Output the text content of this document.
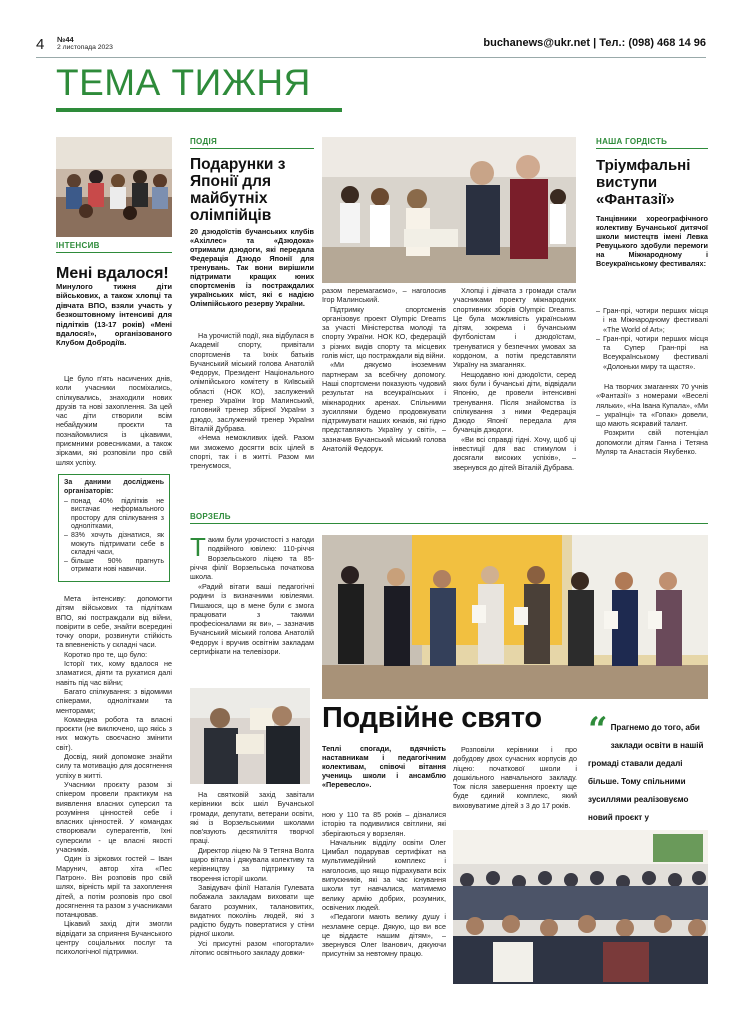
4 №44
2 листопада 2023	buchanews@ukr.net | Тел.: (098) 468 14 96
ТЕМА ТИЖНЯ
ІНТЕНСИВ
Мені вдалося!
Минулого тижня діти військових, а також хлопці та дівчата ВПО, взяли участь у безкоштовному інтенсиві для підлітків (13-17 років) «Мені вдалося!», організованого Клубом Добродіїв.

Це було п'ять насичених днів, коли учасники посміхались, спілкувались, знаходили нових друзів та нові захоплення. За цей час діти створили всім небайдужим проєкти та познайомилися із цікавими, приємними ровесниками, а також зірками, які розповіли про свій шлях успіху.

За даними досліджень організаторів:
– понад 40% підлітків не вистачає неформального простору для спілкування з однолітками,
– 83% хочуть дізнатися, як можуть підтримати себе в складні часи,
– більше 90% прагнуть отримати нові навички.

Мета інтенсиву: допомогти дітям військових та підліткам ВПО, які постраждали від війни, повірити в себе, знайти всередині точку опори, розвинути стійкість та впевненість у складні часи.

Коротко про те, що було:

Історії тих, кому вдалося не зламатися, діяти та рухатися далі навіть під час війни;

Багато спілкування: з відомими спікерами, однолітками та менторами;

Командна робота та власні проєкти (не виключено, що якісь з них можуть своєчасно змінити світ).

Досвід, який допоможе знайти силу та мотивацію для досягнення успіху в житті.

Учасники проєкту разом зі спікером провели практикум на виявлення власних суперсил та розуміння цінностей себе і власних цінностей. У командах створювали суперагентів, їхні суперсили - це власні якості учасників.

Один із зіркових гостей – Іван Марунич, автор хіта «Пес Патрон». Він розповів про свій шлях, вірність мрії та захоплення дітей, а потім розповів про свої досягнення та разом з учасниками потанцював.

Цікавий захід діти змогли відвідати за сприяння Бучанського центру соціальних послуг та психологічної підтримки.

ПОДІЯ
Подарунки з Японії для майбутніх олімпійців
20 дзюдоїстів бучанських клубів «Ахіллес» та «Дзюдока» отримали дзюдоги, які передала Федерація Дзюдо Японії для тренувань. Так вони вирішили підтримати кращих юних спортсменів із постраждалих українських міст, які є надією Олімпійського резерву України.

На урочистій події, яка відбулася в Академії спорту, привітали спортсменів та їхніх батьків Бучанський міський голова Анатолій Федорук, Президент Національного олімпійського комітету в Київській області (НОК КО), заслужений тренер України Ігор Малинський, головний тренер збірної України з дзюдо, заслужений тренер України Віталій Дубрава.

«Нема неможливих ідей. Разом ми зможемо досягти всіх цілей в спорті, так і в житті. Разом ми тренуємося,

разом перемагаємо», – наголосив Ігор Малинський.

Підтримку спортсменів організовує проект Olympic Dreams за участі Міністерства молоді та спорту України. НОК КО, федерацій з різних видів спорту та місцевих голів міст, що постраждали від війни.

«Ми дякуємо іноземним партнерам за всебічну допомогу. Наші спортсмени показують чудовий результат на всеукраїнських і міжнародних аренах. Спільними зусиллями будемо продовжувати підтримувати наших юнаків, які гідно представляють Україну у світі», – зазначив Бучанський міський голова Анатолій Федорук.

Хлопці і дівчата з громади стали учасниками проекту міжнародних спортивних зборів Olympic Dreams. Це була можливість українським дітям, зокрема і бучанським футболістам і дзюдоїстам, тренуватися у безпечних умовах за кордоном, а потім представляти Україну на змаганнях.

Нещодавно юні дзюдоїсти, серед яких були і бучанські діти, відвідали Японію, де провели інтенсивні тренування. Після знайомства із спілкування з ними Федерація Дзюдо Японії передала для бучанців дзюдоги.

«Ви всі справді гідні. Хочу, щоб ці інвестиції для вас стимулом і досягали високих успіхів», – звернувся до дітей Віталій Дубрава.

НАША ГОРДІСТЬ
Тріумфальні виступи «Фантазії»
Танцівники хореографічного колективу Бучанської дитячої школи мистецтв імені Левка Ревуцького здобули перемоги на Міжнародному і Всеукраїнському фестивалях:
– Гран-прі, чотири перших місця і на Міжнародному фестивалі «The World of Art»;
– Гран-прі, чотири перших місця та Супер Гран-прі на Всеукраїнському фестивалі «Долоньки миру та щастя».

На творчих змаганнях 70 учнів «Фантазії» з номерами «Веселі ляльки», «На Івана Купала», «Ми – українці» та «Гопак» довели, що мають яскравий талант.

Розкрити свій потенціал допомогли дітям Ганна і Тетяна Муляр та Анастасія Якубенко.

ВОРЗЕЛЬ
Т аким були урочистості з нагоди подвійного ювілею: 110-річчя Ворзельського ліцею та 85-річчя філії Ворзельська початкова школа.

«Радий вітати ваші педагогічні родини із визначними ювілеями. Пишаюся, що в мене були є змога працювати з такими професіоналами як ви», – зазначив Бучанський міський голова Анатолій Федорук і вручив освітнім закладам сертифікати на телевізори.

Подвійне свято
Теплі спогади, вдячність наставникам і педагогічним колективам, співочі вітання учениць школи і ансамблю «Перевесло».

На святковій захід завітали керівники всіх шкіл Бучанської громади, депутати, ветерани освіти, які із Ворзельськими школами пов'язують десятиліття творчої праці.

Директор ліцею № 9 Тетяна Волга щиро вітала і дякувала колективу та керівництву за підтримку та творення історії школи.

Завідувач філії Наталія Гулевата побажала закладам виховати ще багато розумних, талановитих, видатних поколінь людей, які з радістю будуть повертатися у стіни рідної школи.

Усі присутні разом «погортали» літопис освітнього закладу довжи-

ною у 110 та 85 років – дізналися історію та подивилися світлини, які зберігаються у ворзелян.

Начальник відділу освіти Олег Цимбал подарував сертифікат на мультимедійний комплекс і наголосив, що якщо підрахувати всіх випускників, які за час існування школи тут навчалися, матимемо велику армію добрих, розумних, освічених людей.

«Педагоги мають велику душу і незламне серце. Дякую, що ви все це віддаєте нашим дітям», – звернувся Олег Іванович, дякуючи присутнім за невтомну працю.

Розповіли керівники і про добудову двох сучасних корпусів до ліцею: початкової школи і дошкільного навчального закладу. Тож після завершення проекту ще буде єдиний комплекс, який виховуватиме дітей з 3 до 17 років.

“ Прагнемо до того, аби заклади освіти в нашій громаді ставали дедалі більше. Тому спільними зусиллями реалізовуємо новий проєкт у
